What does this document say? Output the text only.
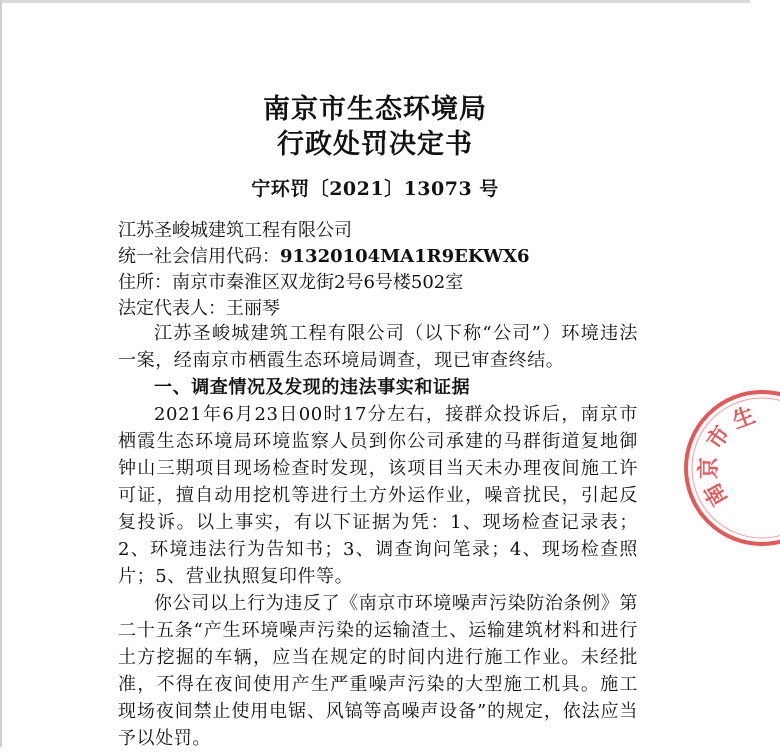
南京市生态环境局
行政处罚决定书
宁环罚〔2021〕13073 号
江苏圣峻城建筑工程有限公司
统一社会信用代码：91320104MA1R9EKWX6
住所：南京市秦淮区双龙街2号6号楼502室
法定代表人：王丽琴

江苏圣峻城建筑工程有限公司（以下称“公司”）环境违法一案，经南京市栖霞生态环境局调查，现已审查终结。

一、调查情况及发现的违法事实和证据

2021年6月23日00时17分左右，接群众投诉后，南京市栖霞生态环境局环境监察人员到你公司承建的马群街道复地御钟山三期项目现场检查时发现，该项目当天未办理夜间施工许可证，擅自动用挖机等进行土方外运作业，噪音扰民，引起反复投诉。以上事实，有以下证据为凭：1、现场检查记录表；2、环境违法行为告知书；3、调查询问笔录；4、现场检查照片；5、营业执照复印件等。

你公司以上行为违反了《南京市环境噪声污染防治条例》第二十五条“产生环境噪声污染的运输渣土、运输建筑材料和进行土方挖掘的车辆，应当在规定的时间内进行施工作业。未经批准，不得在夜间使用产生严重噪声污染的大型施工机具。施工现场夜间禁止使用电锯、风镐等高噪声设备”的规定，依法应当予以处罚。

南
京
市
生
